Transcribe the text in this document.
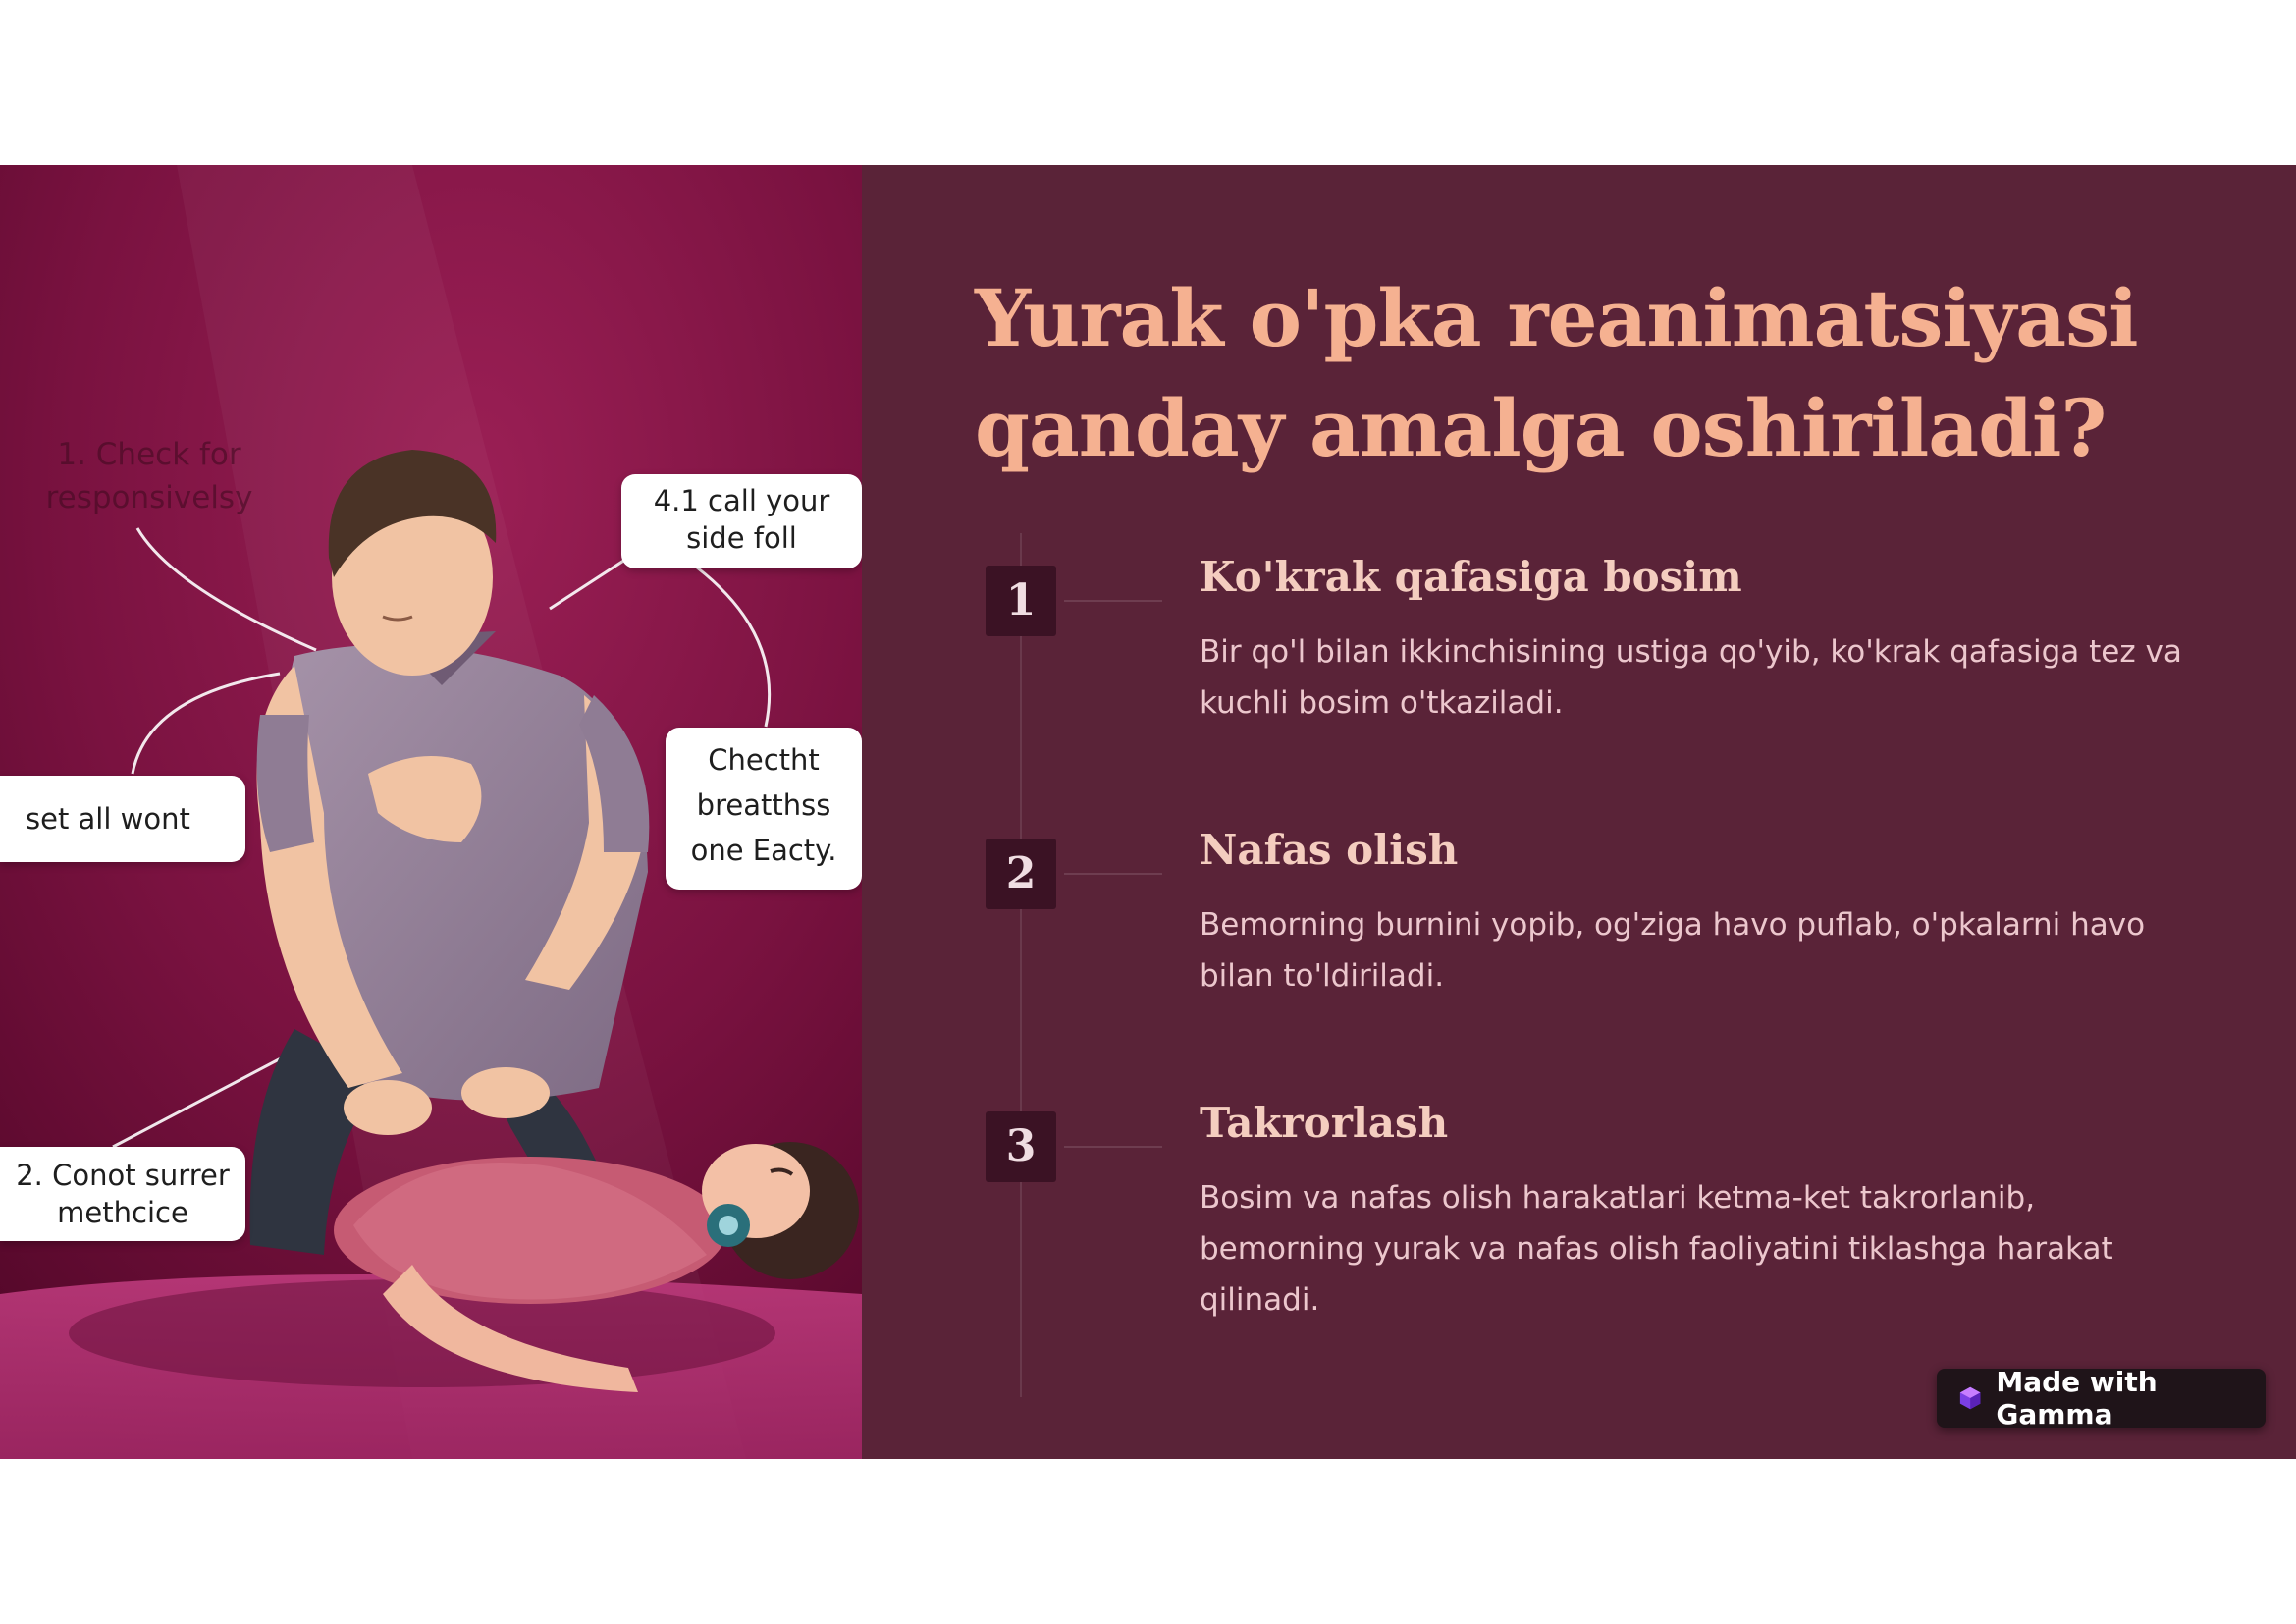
1. Check for responsivelsy	4.1 call your
side foll
Chectht
breatthss
one Eacty.
set all wont
2. Conot surrer
methcice
Yurak o'pka reanimatsiyasi qanday amalga oshiriladi?
1	Ko'krak qafasiga bosim

Bir qo'l bilan ikkinchisining ustiga qo'yib, ko'krak qafasiga tez va kuchli bosim o'tkaziladi.

2	Nafas olish

Bemorning burnini yopib, og'ziga havo puflab, o'pkalarni havo bilan to'ldiriladi.

3	Takrorlash

Bosim va nafas olish harakatlari ketma-ket takrorlanib, bemorning yurak va nafas olish faoliyatini tiklashga harakat qilinadi.

Made with Gamma
